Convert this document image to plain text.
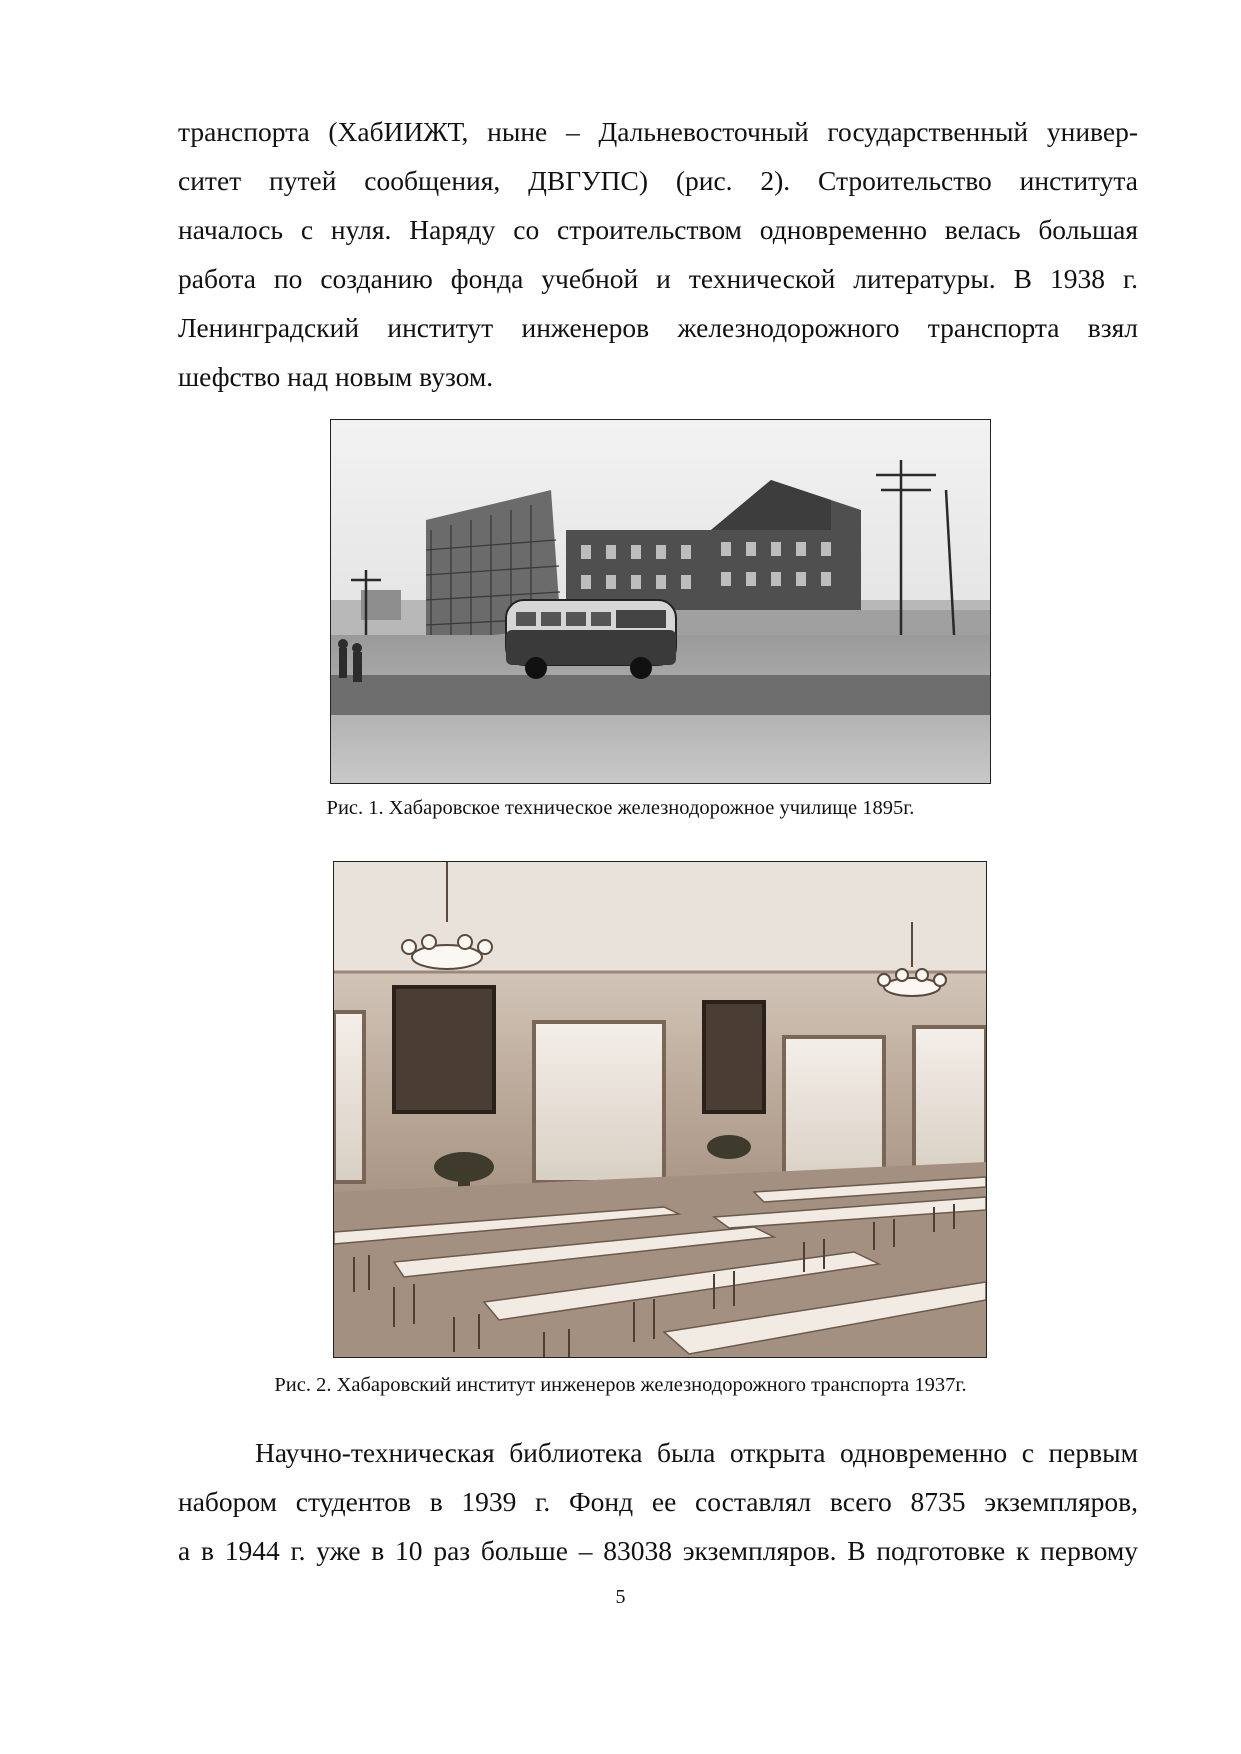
транспорта (ХабИИЖТ, ныне – Дальневосточный государственный универ-
ситет путей сообщения, ДВГУПС) (рис. 2). Строительство института
началось с нуля. Наряду со строительством одновременно велась большая
работа по созданию фонда учебной и технической литературы. В 1938 г.
Ленинградский институт инженеров железнодорожного транспорта взял
шефство над новым вузом.
Рис. 1. Хабаровское техническое железнодорожное училище 1895г.
Рис. 2. Хабаровский институт инженеров железнодорожного транспорта 1937г.
Научно-техническая библиотека была открыта одновременно с первым
набором студентов в 1939 г. Фонд ее составлял всего 8735 экземпляров,
а в 1944 г. уже в 10 раз больше – 83038 экземпляров. В подготовке к первому
5
